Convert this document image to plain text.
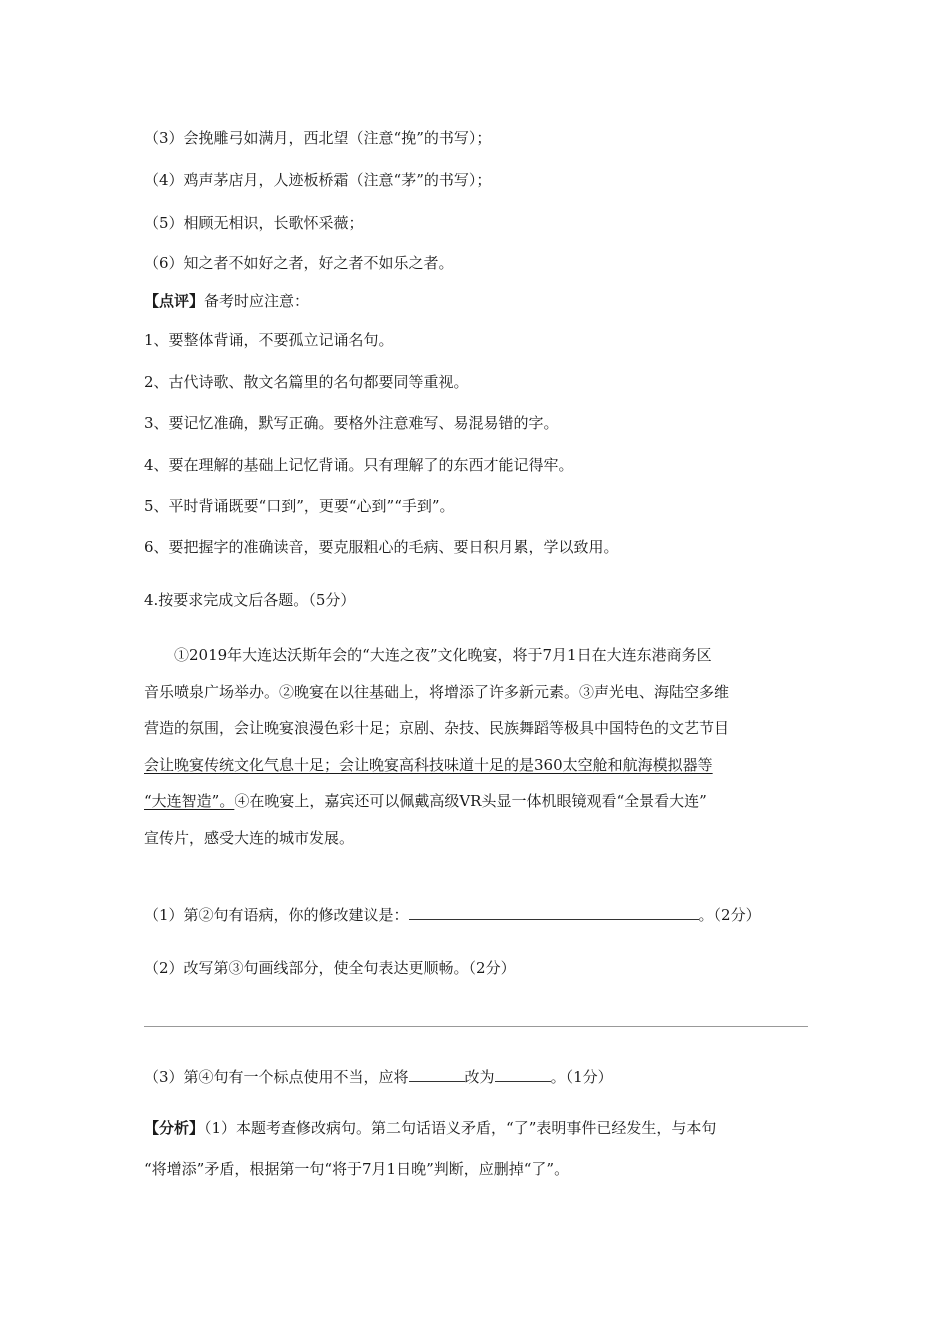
（3）会挽雕弓如满月，西北望（注意“挽”的书写）；
（4）鸡声茅店月，人迹板桥霜（注意“茅”的书写）；
（5）相顾无相识，长歌怀采薇；
（6）知之者不如好之者，好之者不如乐之者。
【点评】备考时应注意：
1、要整体背诵，不要孤立记诵名句。
2、古代诗歌、散文名篇里的名句都要同等重视。
3、要记忆准确，默写正确。要格外注意难写、易混易错的字。
4、要在理解的基础上记忆背诵。只有理解了的东西才能记得牢。
5、平时背诵既要“口到”，更要“心到”“手到”。
6、要把握字的准确读音，要克服粗心的毛病、要日积月累，学以致用。
4.按要求完成文后各题。（5分）
①2019年大连达沃斯年会的“大连之夜”文化晚宴，将于7月1日在大连东港商务区
音乐喷泉广场举办。②晚宴在以往基础上，将增添了许多新元素。③声光电、海陆空多维
营造的氛围，会让晚宴浪漫色彩十足；京剧、杂技、民族舞蹈等极具中国特色的文艺节目
会让晚宴传统文化气息十足；会让晚宴高科技味道十足的是360太空舱和航海模拟器等
“大连智造”。④在晚宴上，嘉宾还可以佩戴高级VR头显一体机眼镜观看“全景看大连”
宣传片，感受大连的城市发展。
（1）第②句有语病，你的修改建议是：	。（2分）
（2）改写第③句画线部分，使全句表达更顺畅。（2分）
（3）第④句有一个标点使用不当，应将	改为	。（1分）
【分析】（1）本题考查修改病句。第二句话语义矛盾，“了”表明事件已经发生，与本句
“将增添”矛盾，根据第一句“将于7月1日晚”判断，应删掉“了”。
